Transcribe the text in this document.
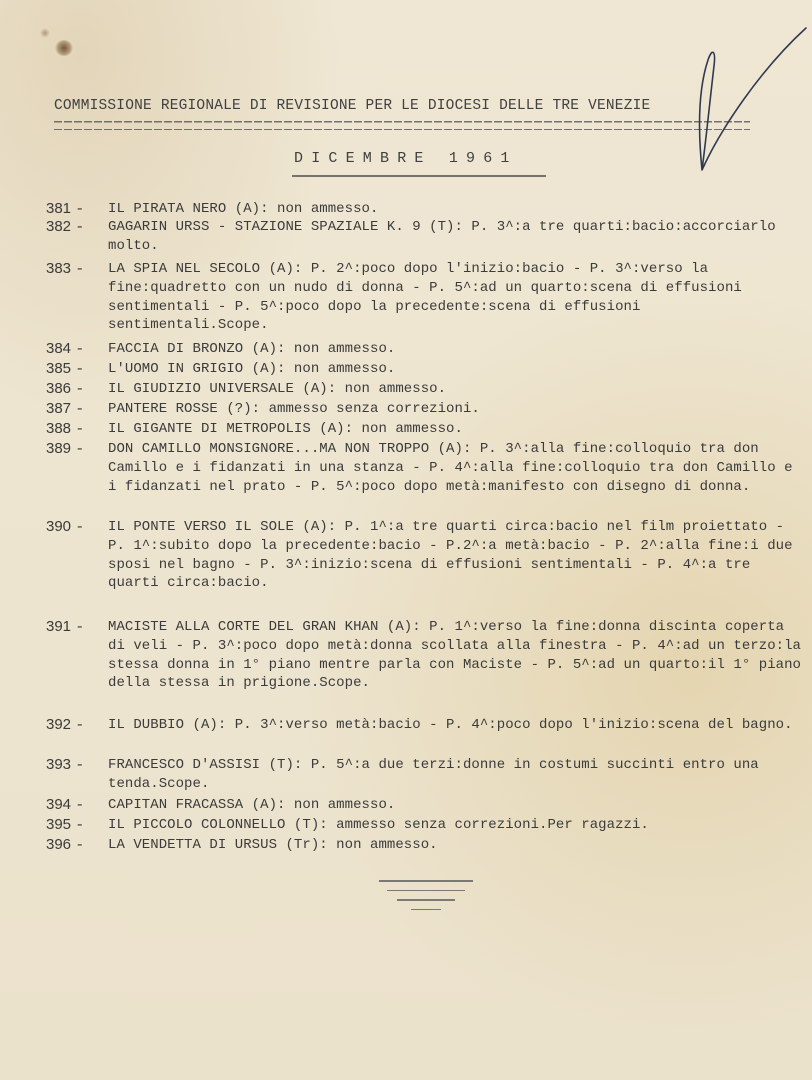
COMMISSIONE REGIONALE DI REVISIONE PER LE DIOCESI DELLE TRE VENEZIE
DICEMBRE 1961
381 -	IL PIRATA NERO (A): non ammesso.
382 -	GAGARIN URSS - STAZIONE SPAZIALE K. 9 (T): P. 3^:a tre quarti:bacio:accorciarlo molto.
383 -	LA SPIA NEL SECOLO (A): P. 2^:poco dopo l'inizio:bacio - P. 3^:verso la fine:quadretto con un nudo di donna - P. 5^:ad un quarto:scena di effusioni sentimentali - P. 5^:poco dopo la precedente:scena di effusioni sentimentali.Scope.
384 -	FACCIA DI BRONZO (A): non ammesso.
385 -	L'UOMO IN GRIGIO (A): non ammesso.
386 -	IL GIUDIZIO UNIVERSALE (A): non ammesso.
387 -	PANTERE ROSSE (?): ammesso senza correzioni.
388 -	IL GIGANTE DI METROPOLIS (A): non ammesso.
389 -	DON CAMILLO MONSIGNORE...MA NON TROPPO (A): P. 3^:alla fine:colloquio tra don Camillo e i fidanzati in una stanza - P. 4^:alla fine:colloquio tra don Camillo e i fidanzati nel prato - P. 5^:poco dopo metà:manifesto con disegno di donna.
390 -	IL PONTE VERSO IL SOLE (A): P. 1^:a tre quarti circa:bacio nel film proiettato - P. 1^:subito dopo la precedente:bacio - P.2^:a metà:bacio - P. 2^:alla fine:i due sposi nel bagno - P. 3^:inizio:scena di effusioni sentimentali - P. 4^:a tre quarti circa:bacio.
391 -	MACISTE ALLA CORTE DEL GRAN KHAN (A): P. 1^:verso la fine:donna discinta coperta di veli - P. 3^:poco dopo metà:donna scollata alla finestra - P. 4^:ad un terzo:la stessa donna in 1° piano mentre parla con Maciste - P. 5^:ad un quarto:il 1° piano della stessa in prigione.Scope.
392 -	IL DUBBIO (A): P. 3^:verso metà:bacio - P. 4^:poco dopo l'inizio:scena del bagno.
393 -	FRANCESCO D'ASSISI (T): P. 5^:a due terzi:donne in costumi succinti entro una tenda.Scope.
394 -	CAPITAN FRACASSA (A): non ammesso.
395 -	IL PICCOLO COLONNELLO (T): ammesso senza correzioni.Per ragazzi.
396 -	LA VENDETTA DI URSUS (Tr): non ammesso.
